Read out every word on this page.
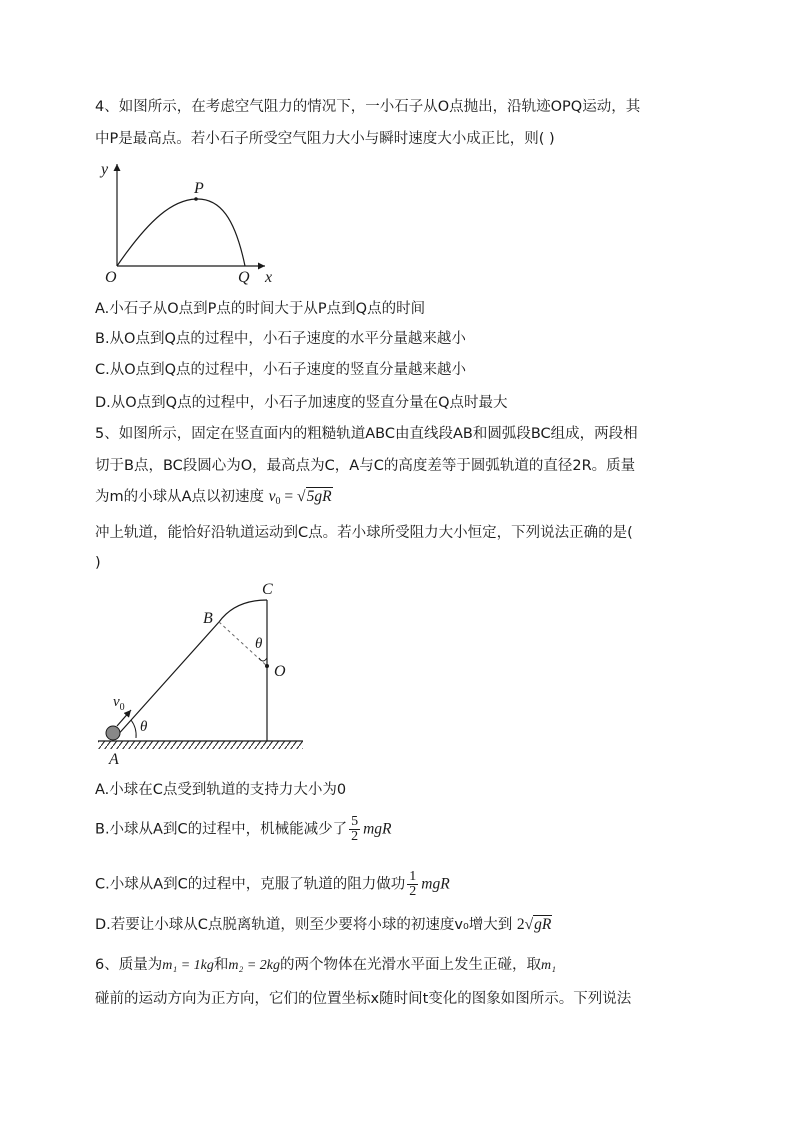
4、如图所示，在考虑空气阻力的情况下，一小石子从O点抛出，沿轨迹OPQ运动，其
中P是最高点。若小石子所受空气阻力大小与瞬时速度大小成正比，则( )
y
P
O	Q x
A.小石子从O点到P点的时间大于从P点到Q点的时间
B.从O点到Q点的过程中，小石子速度的水平分量越来越小
C.从O点到Q点的过程中，小石子速度的竖直分量越来越小
D.从O点到Q点的过程中，小石子加速度的竖直分量在Q点时最大
5、如图所示，固定在竖直面内的粗糙轨道ABC由直线段AB和圆弧段BC组成，两段相
切于B点，BC段圆心为O，最高点为C，A与C的高度差等于圆弧轨道的直径2R。质量
为m的小球从A点以初速度 $v_0 = √5gR$
冲上轨道，能恰好沿轨道运动到C点。若小球所受阻力大小恒定，下列说法正确的是(
)
C
B
θ
O
$v_0$
θ
A
A.小球在C点受到轨道的支持力大小为0
B.小球从A到C的过程中，机械能减少了 $\frac{5}{2}$ mgR
C.小球从A到C的过程中，克服了轨道的阻力做功 $\frac{1}{2}$ mgR
D.若要让小球从C点脱离轨道，则至少要将小球的初速度v₀增大到 2√gR
6、质量为m₁ = 1kg和m₂ = 2kg的两个物体在光滑水平面上发生正碰，取m₁
碰前的运动方向为正方向，它们的位置坐标x随时间t变化的图象如图所示。下列说法
